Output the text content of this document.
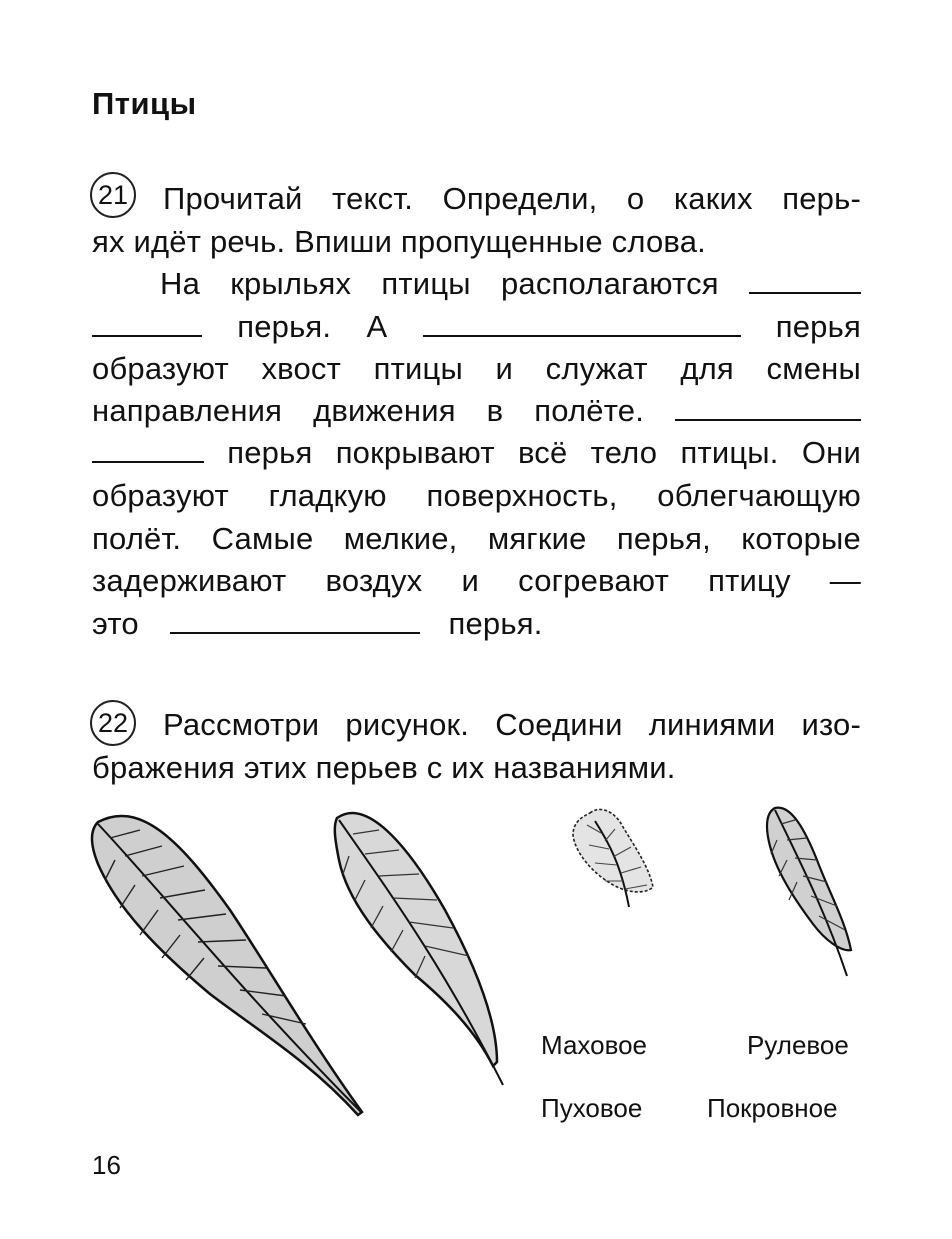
Птицы
21 Прочитай текст. Определи, о каких перь-
ях идёт речь. Впиши пропущенные слова.
На крыльях птицы располагаются
перья. А	перья
образуют хвост птицы и служат для смены
направления движения в полёте.
перья покрывают всё тело птицы. Они
образуют гладкую поверхность, облегчающую
полёт. Самые мелкие, мягкие перья, которые
задерживают воздух и согревают птицу —
это	перья.
22 Рассмотри рисунок. Соедини линиями изо-
бражения этих перьев с их названиями.
Маховое	Рулевое
Пуховое Покровное
16
